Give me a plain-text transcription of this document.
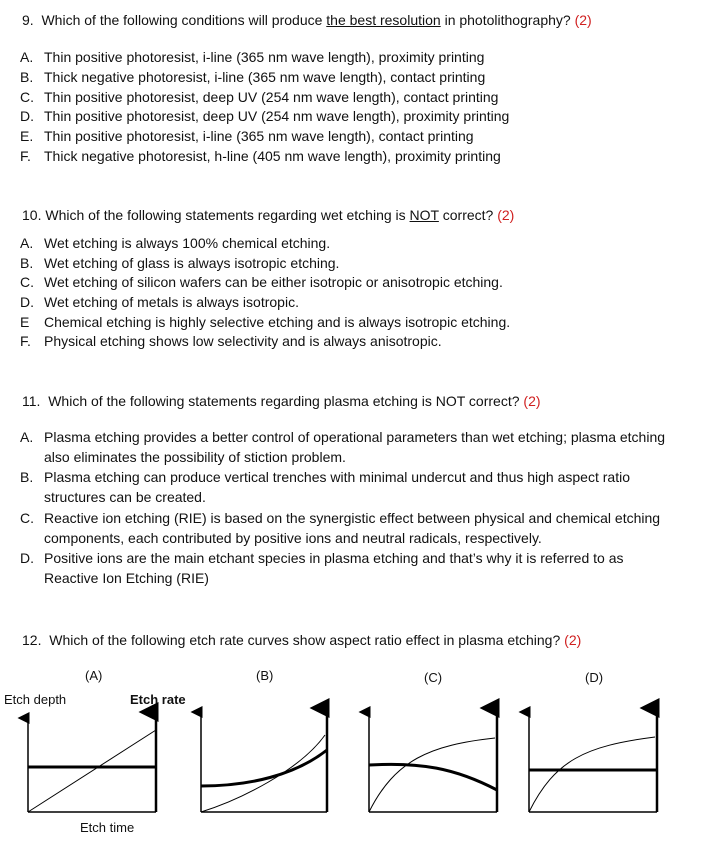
9. Which of the following conditions will produce the best resolution in photolithography? (2)
A. Thin positive photoresist, i-line (365 nm wave length), proximity printing
B. Thick negative photoresist, i-line (365 nm wave length), contact printing
C. Thin positive photoresist, deep UV (254 nm wave length), contact printing
D. Thin positive photoresist, deep UV (254 nm wave length), proximity printing
E. Thin positive photoresist, i-line (365 nm wave length), contact printing
F. Thick negative photoresist, h-line (405 nm wave length), proximity printing
10. Which of the following statements regarding wet etching is NOT correct? (2)
A. Wet etching is always 100% chemical etching.
B. Wet etching of glass is always isotropic etching.
C. Wet etching of silicon wafers can be either isotropic or anisotropic etching.
D. Wet etching of metals is always isotropic.
E Chemical etching is highly selective etching and is always isotropic etching.
F. Physical etching shows low selectivity and is always anisotropic.
11. Which of the following statements regarding plasma etching is NOT correct? (2)
A. Plasma etching provides a better control of operational parameters than wet etching; plasma etching also eliminates the possibility of stiction problem.
B. Plasma etching can produce vertical trenches with minimal undercut and thus high aspect ratio structures can be created.
C. Reactive ion etching (RIE) is based on the synergistic effect between physical and chemical etching components, each contributed by positive ions and neutral radicals, respectively.
D. Positive ions are the main etchant species in plasma etching and that’s why it is referred to as Reactive Ion Etching (RIE)
12. Which of the following etch rate curves show aspect ratio effect in plasma etching? (2)
(A)	(B)	(C)	(D)
Etch depth	Etch rate
Etch time
